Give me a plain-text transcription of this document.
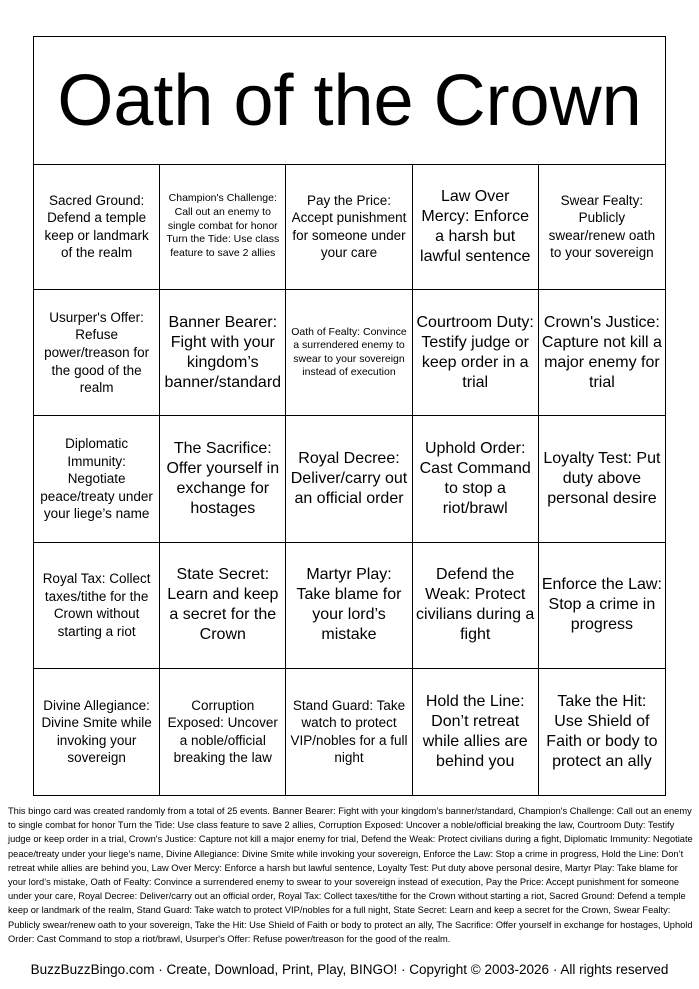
Oath of the Crown
Sacred Ground: Defend a temple keep or landmark of the realm
Champion's Challenge: Call out an enemy to single combat for honor Turn the Tide: Use class feature to save 2 allies
Pay the Price: Accept punishment for someone under your care
Law Over Mercy: Enforce a harsh but lawful sentence
Swear Fealty: Publicly swear/renew oath to your sovereign
Usurper's Offer: Refuse power/treason for the good of the realm
Banner Bearer: Fight with your kingdom’s banner/standard
Oath of Fealty: Convince a surrendered enemy to swear to your sovereign instead of execution
Courtroom Duty: Testify judge or keep order in a trial
Crown's Justice: Capture not kill a major enemy for trial
Diplomatic Immunity: Negotiate peace/treaty under your liege’s name
The Sacrifice: Offer yourself in exchange for hostages
Royal Decree: Deliver/carry out an official order
Uphold Order: Cast Command to stop a riot/brawl
Loyalty Test: Put duty above personal desire
Royal Tax: Collect taxes/tithe for the Crown without starting a riot
State Secret: Learn and keep a secret for the Crown
Martyr Play: Take blame for your lord’s mistake
Defend the Weak: Protect civilians during a fight
Enforce the Law: Stop a crime in progress
Divine Allegiance: Divine Smite while invoking your sovereign
Corruption Exposed: Uncover a noble/official breaking the law
Stand Guard: Take watch to protect VIP/nobles for a full night
Hold the Line: Don’t retreat while allies are behind you
Take the Hit: Use Shield of Faith or body to protect an ally
This bingo card was created randomly from a total of 25 events. Banner Bearer: Fight with your kingdom’s banner/standard, Champion's Challenge: Call out an enemy to single combat for honor Turn the Tide: Use class feature to save 2 allies, Corruption Exposed: Uncover a noble/official breaking the law, Courtroom Duty: Testify judge or keep order in a trial, Crown's Justice: Capture not kill a major enemy for trial, Defend the Weak: Protect civilians during a fight, Diplomatic Immunity: Negotiate peace/treaty under your liege’s name, Divine Allegiance: Divine Smite while invoking your sovereign, Enforce the Law: Stop a crime in progress, Hold the Line: Don’t retreat while allies are behind you, Law Over Mercy: Enforce a harsh but lawful sentence, Loyalty Test: Put duty above personal desire, Martyr Play: Take blame for your lord’s mistake, Oath of Fealty: Convince a surrendered enemy to swear to your sovereign instead of execution, Pay the Price: Accept punishment for someone under your care, Royal Decree: Deliver/carry out an official order, Royal Tax: Collect taxes/tithe for the Crown without starting a riot, Sacred Ground: Defend a temple keep or landmark of the realm, Stand Guard: Take watch to protect VIP/nobles for a full night, State Secret: Learn and keep a secret for the Crown, Swear Fealty: Publicly swear/renew oath to your sovereign, Take the Hit: Use Shield of Faith or body to protect an ally, The Sacrifice: Offer yourself in exchange for hostages, Uphold Order: Cast Command to stop a riot/brawl, Usurper's Offer: Refuse power/treason for the good of the realm.
BuzzBuzzBingo.com · Create, Download, Print, Play, BINGO! · Copyright © 2003-2026 · All rights reserved
